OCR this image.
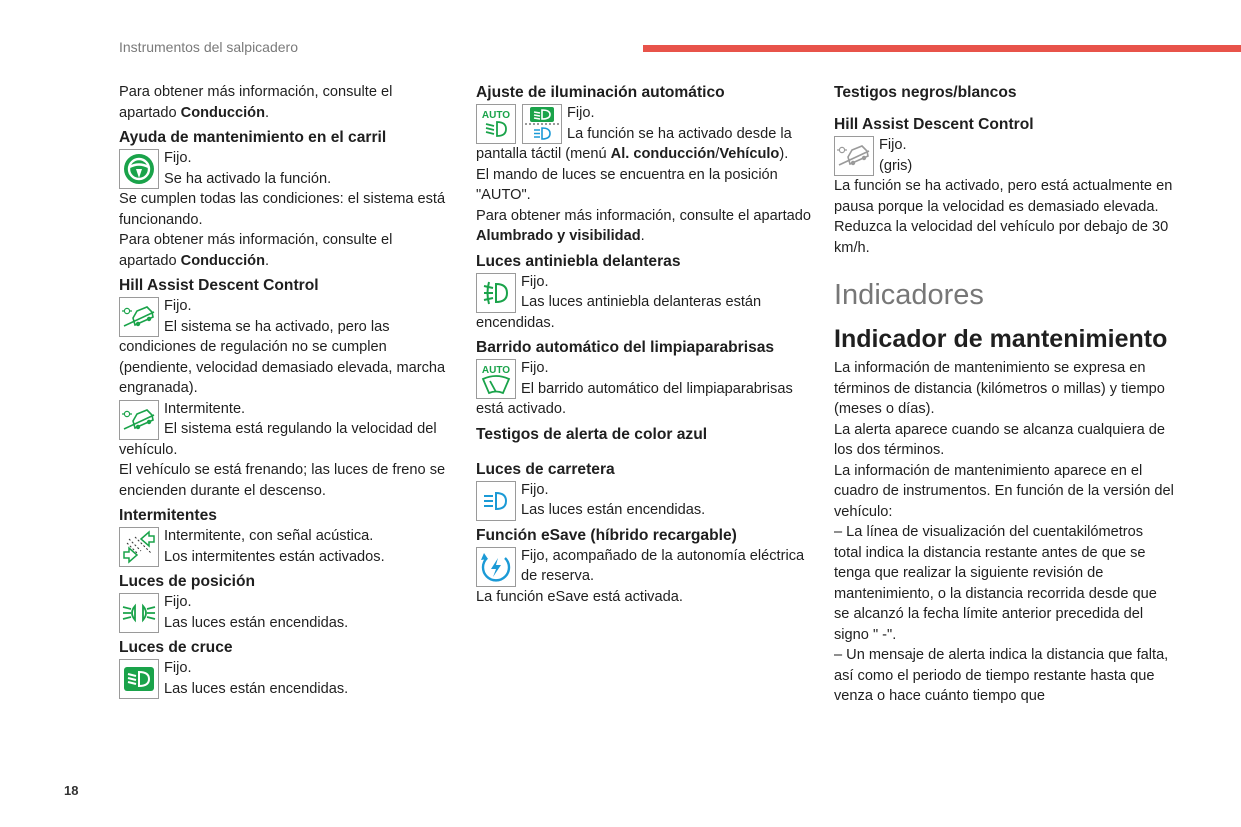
Instrumentos del salpicadero

Para obtener más información, consulte el apartado Conducción.

Ayuda de mantenimiento en el carril

Fijo.

Se ha activado la función.

Se cumplen todas las condiciones: el sistema está funcionando.

Para obtener más información, consulte el apartado Conducción.

Hill Assist Descent Control

Fijo.

El sistema se ha activado, pero las condiciones de regulación no se cumplen (pendiente, velocidad demasiado elevada, marcha engranada).

Intermitente.

El sistema está regulando la velocidad del vehículo.

El vehículo se está frenando; las luces de freno se encienden durante el descenso.

Intermitentes

Intermitente, con señal acústica.

Los intermitentes están activados.

Luces de posición

Fijo.

Las luces están encendidas.

Luces de cruce

Fijo.

Las luces están encendidas.

Ajuste de iluminación automático
AUTO	Fijo.

La función se ha activado desde la pantalla táctil (menú Al. conducción/Vehículo).

El mando de luces se encuentra en la posición "AUTO".

Para obtener más información, consulte el apartado Alumbrado y visibilidad.

Luces antiniebla delanteras

Fijo.

Las luces antiniebla delanteras están encendidas.

Barrido automático del limpiaparabrisas
AUTO Fijo.

El barrido automático del limpiaparabrisas está activado.

Testigos de alerta de color azul
Luces de carretera

Fijo.

Las luces están encendidas.

Función eSave (híbrido recargable)

Fijo, acompañado de la autonomía eléctrica de reserva.

La función eSave está activada.

Testigos negros/blancos
Hill Assist Descent Control

Fijo.

(gris)

La función se ha activado, pero está actualmente en pausa porque la velocidad es demasiado elevada.

Reduzca la velocidad del vehículo por debajo de 30 km/h.

Indicadores
Indicador de mantenimiento

La información de mantenimiento se expresa en términos de distancia (kilómetros o millas) y tiempo (meses o días).

La alerta aparece cuando se alcanza cualquiera de los dos términos.

La información de mantenimiento aparece en el cuadro de instrumentos. En función de la versión del vehículo:

– La línea de visualización del cuentakilómetros total indica la distancia restante antes de que se tenga que realizar la siguiente revisión de mantenimiento, o la distancia recorrida desde que se alcanzó la fecha límite anterior precedida del signo " -".

– Un mensaje de alerta indica la distancia que falta, así como el periodo de tiempo restante hasta que venza o hace cuánto tiempo que

18
